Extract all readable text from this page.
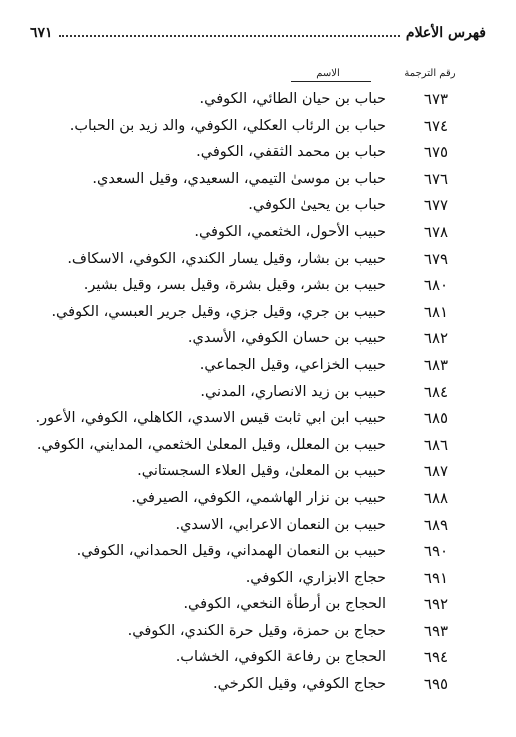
فهرس الأعلام
٦٧١
رقم الترجمة
الاسم
٦٧٣
حباب بن حيان الطائي، الكوفي.
٦٧٤
حباب بن الرئاب العكلي، الكوفي، والد زيد بن الحباب.
٦٧٥
حباب بن محمد الثقفي، الكوفي.
٦٧٦
حباب بن موسىٰ التيمي، السعيدي، وقيل السعدي.
٦٧٧
حباب بن يحيىٰ الكوفي.
٦٧٨
حبيب الأحول، الخثعمي، الكوفي.
٦٧٩
حبيب بن بشار، وقيل يسار الكندي، الكوفي، الاسكاف.
٦٨٠
حبيب بن بشر، وقيل بشرة، وقيل بسر، وقيل بشير.
٦٨١
حبيب بن جري، وقيل جزي، وقيل جرير العبسي، الكوفي.
٦٨٢
حبيب بن حسان الكوفي، الأسدي.
٦٨٣
حبيب الخزاعي، وقيل الجماعي.
٦٨٤
حبيب بن زيد الانصاري، المدني.
٦٨٥
حبيب ابن ابي ثابت قيس الاسدي، الكاهلي، الكوفي، الأعور.
٦٨٦
حبيب بن المعلل، وقيل المعلىٰ الخثعمي، المدايني، الكوفي.
٦٨٧
حبيب بن المعلىٰ، وقيل العلاء السجستاني.
٦٨٨
حبيب بن نزار الهاشمي، الكوفي، الصيرفي.
٦٨٩
حبيب بن النعمان الاعرابي، الاسدي.
٦٩٠
حبيب بن النعمان الهمداني، وقيل الحمداني، الكوفي.
٦٩١
حجاج الابزاري، الكوفي.
٦٩٢
الحجاج بن أرطأة النخعي، الكوفي.
٦٩٣
حجاج بن حمزة، وقيل حرة الكندي، الكوفي.
٦٩٤
الحجاج بن رفاعة الكوفي، الخشاب.
٦٩٥
حجاج الكوفي، وقيل الكرخي.
